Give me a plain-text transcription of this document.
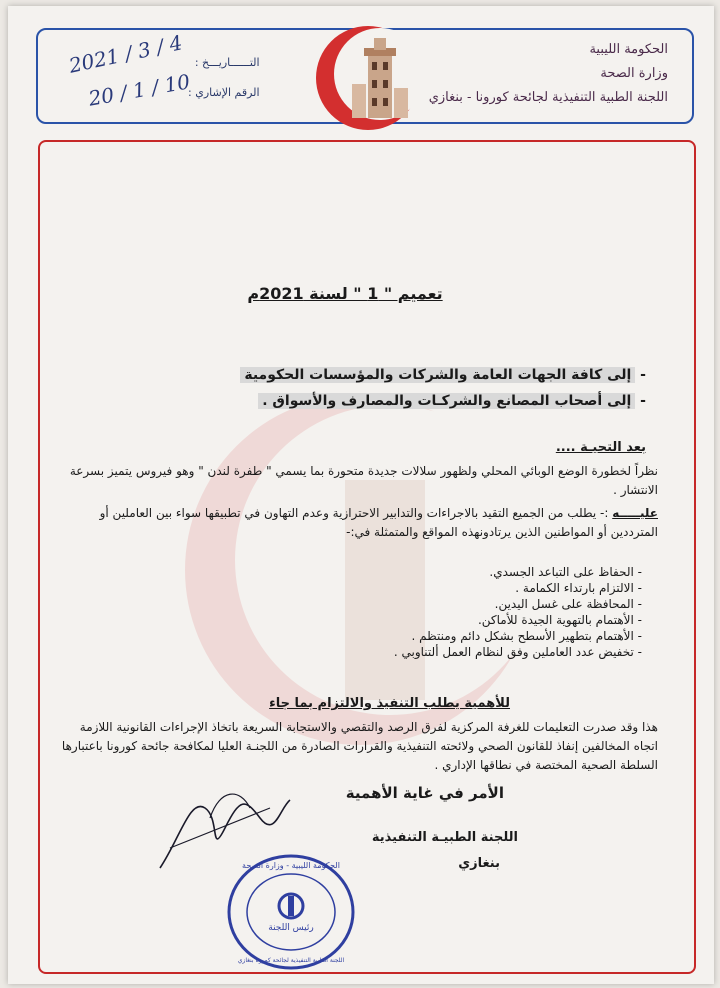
الحكومة الليبية
وزارة الصحة
اللجنة الطبية التنفيذية لجائحة كورونا - بنغازي
التــــــاريـــخ :
الرقم الإشاري :
2021 / 3 / 4
20 / 1 / 10
تعميم " 1 " لسنة 2021م
- إلى كافة الجهات العامة والشركات والمؤسسات الحكومية
- إلى أصحاب المصانع والشركـات والمصارف والأسواق .
بعد التحيـة ....
نظراً لخطورة الوضع الوبائي المحلي ولظهور سلالات جديدة متحورة بما يسمي " طفرة لندن " وهو فيروس يتميز بسرعة الانتشار .
عليـــــه :- يطلب من الجميع التقيد بالاجراءات والتدابير الاحترازية وعدم التهاون في تطبيقها سواء بين العاملين أو المترددين أو المواطنين الذين يرتادونهذه المواقع والمتمثلة في:-
- الحفاظ على التباعد الجسدي.
- الالتزام بارتداء الكمامة .
- المحافظة على غسل اليدين.
- الأهتمام بالتهوية الجيدة للأماكن.
- الأهتمام بتطهير الأسطح بشكل دائم ومنتظم .
- تخفيض عدد العاملين وفق لنظام العمل ألتناوبي .
للأهمية يطلب التنفيذ والالتزام بما جاء
هذا وقد صدرت التعليمات للغرفة المركزية لفرق الرصد والتقصي والاستجابة السريعة باتخاذ الإجراءات القانونية اللازمة اتجاه المخالفين إنفاذ للقانون الصحي ولائحته التنفيذية والقرارات الصادرة من اللجنـة العليا لمكافحة جائحة كورونا باعتبارها السلطة الصحية المختصة في نطاقها الإداري .
الأمر في غاية الأهمية
اللجنة الطبيـة التنفيذية
بنغازي
رئيس اللجنة
الحكومة الليبية - وزارة الصحة
اللجنة الطبية التنفيذية لجائحة كورونا بنغازي
